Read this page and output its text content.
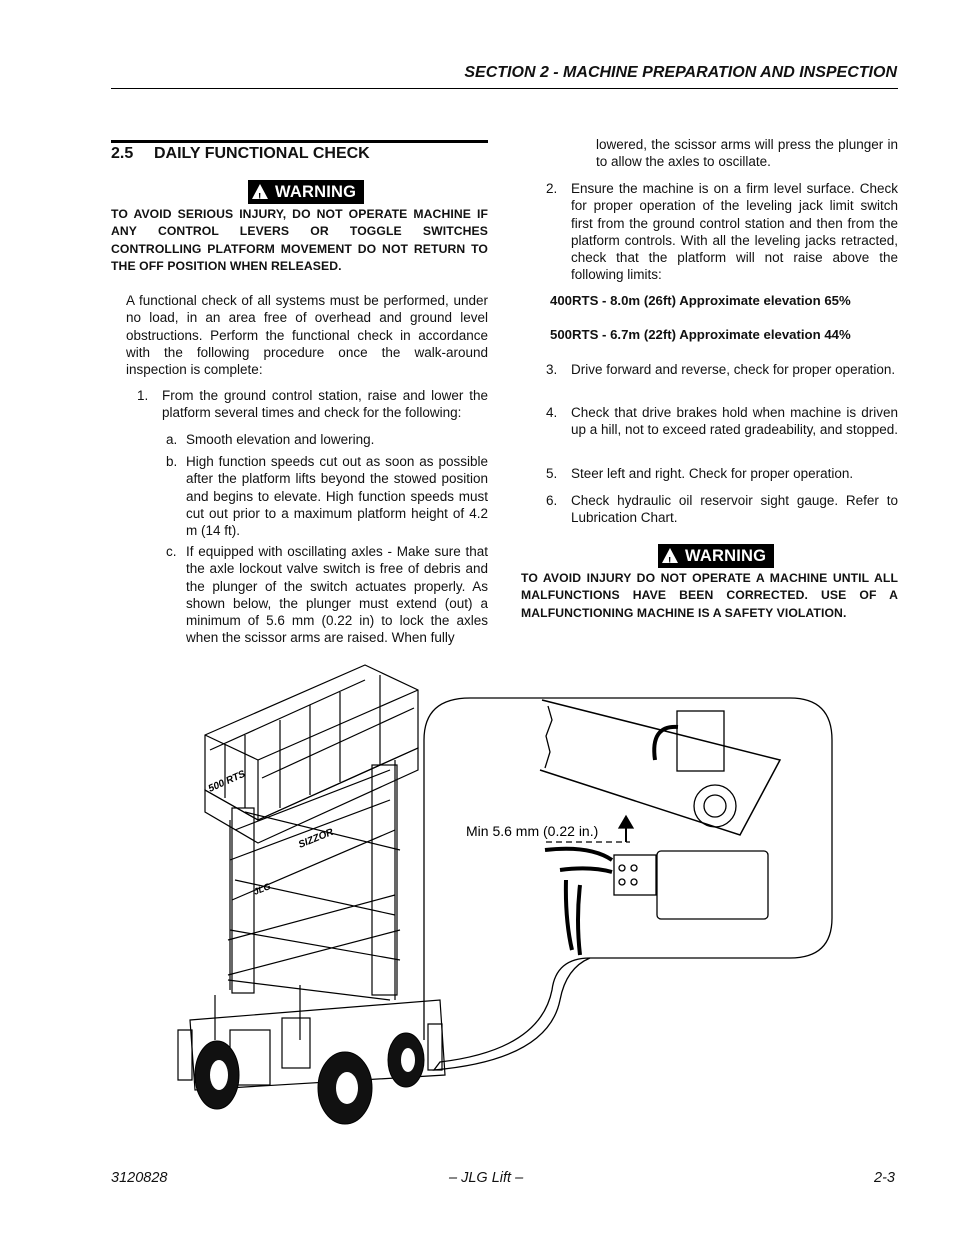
SECTION 2 - MACHINE PREPARATION AND INSPECTION
2.5 DAILY FUNCTIONAL CHECK
!WARNING
TO AVOID SERIOUS INJURY, DO NOT OPERATE MACHINE IF ANY CONTROL LEVERS OR TOGGLE SWITCHES CONTROLLING PLATFORM MOVEMENT DO NOT RETURN TO THE OFF POSITION WHEN RELEASED.
A functional check of all systems must be performed, under no load, in an area free of overhead and ground level obstructions. Perform the functional check in accordance with the following procedure once the walk-around inspection is complete:
1. From the ground control station, raise and lower the platform several times and check for the following:
a. Smooth elevation and lowering.
b. High function speeds cut out as soon as possible after the platform lifts beyond the stowed position and begins to elevate. High function speeds must cut out prior to a maximum platform height of 4.2 m (14 ft).
c. If equipped with oscillating axles - Make sure that the axle lockout valve switch is free of debris and the plunger of the switch actuates properly. As shown below, the plunger must extend (out) a minimum of 5.6 mm (0.22 in) to lock the axles when the scissor arms are raised. When fully
lowered, the scissor arms will press the plunger in to allow the axles to oscillate.
2. Ensure the machine is on a firm level surface. Check for proper operation of the leveling jack limit switch first from the ground control station and then from the platform controls. With all the leveling jacks retracted, check that the platform will not raise above the following limits:
400RTS - 8.0m (26ft) Approximate elevation 65%
500RTS - 6.7m (22ft) Approximate elevation 44%
3. Drive forward and reverse, check for proper operation.
4. Check that drive brakes hold when machine is driven up a hill, not to exceed rated gradeability, and stopped.
5. Steer left and right. Check for proper operation.
6. Check hydraulic oil reservoir sight gauge. Refer to Lubrication Chart.
!WARNING
TO AVOID INJURY DO NOT OPERATE A MACHINE UNTIL ALL MALFUNCTIONS HAVE BEEN CORRECTED. USE OF A MALFUNCTIONING MACHINE IS A SAFETY VIOLATION.
Min 5.6 mm (0.22 in.)
500 RTS
SIZZOR
JLG
3120828	– JLG Lift –	2-3
